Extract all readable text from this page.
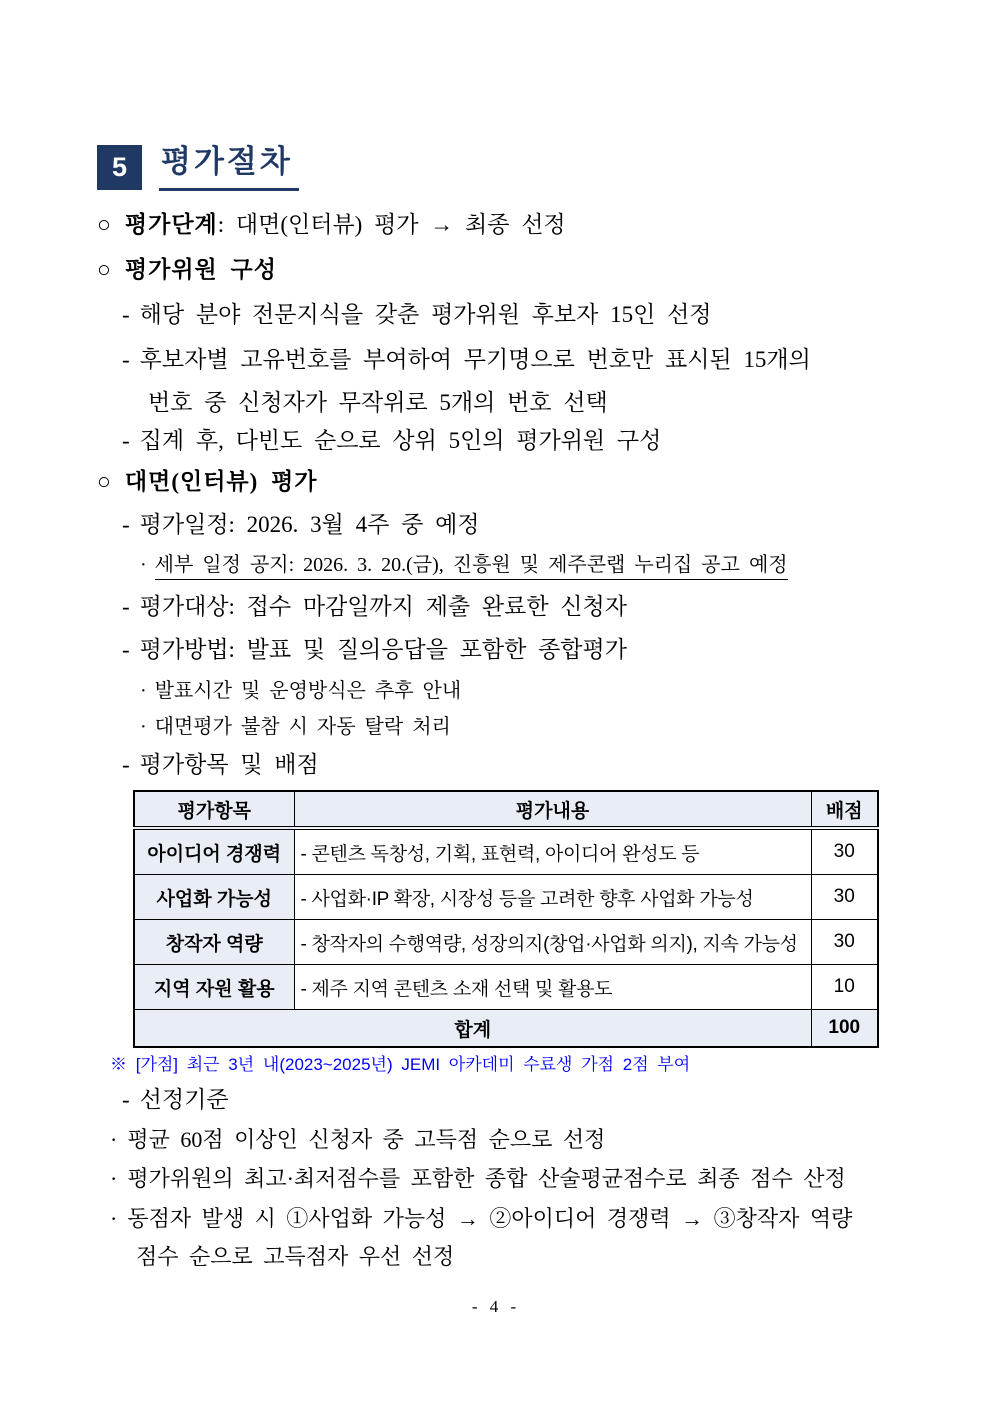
5 평가절차
○ 평가단계: 대면(인터뷰) 평가 → 최종 선정
○ 평가위원 구성
- 해당 분야 전문지식을 갖춘 평가위원 후보자 15인 선정
- 후보자별 고유번호를 부여하여 무기명으로 번호만 표시된 15개의
번호 중 신청자가 무작위로 5개의 번호 선택
- 집계 후, 다빈도 순으로 상위 5인의 평가위원 구성
○ 대면(인터뷰) 평가
- 평가일정: 2026. 3월 4주 중 예정
· 세부 일정 공지: 2026. 3. 20.(금), 진흥원 및 제주콘랩 누리집 공고 예정
- 평가대상: 접수 마감일까지 제출 완료한 신청자
- 평가방법: 발표 및 질의응답을 포함한 종합평가
· 발표시간 및 운영방식은 추후 안내
· 대면평가 불참 시 자동 탈락 처리
- 평가항목 및 배점
평가항목	평가내용	배점
아이디어 경쟁력	- 콘텐츠 독창성, 기획, 표현력, 아이디어 완성도 등	30
사업화 가능성	- 사업화·IP 확장, 시장성 등을 고려한 향후 사업화 가능성	30
창작자 역량	- 창작자의 수행역량, 성장의지(창업·사업화 의지), 지속 가능성	30
지역 자원 활용	- 제주 지역 콘텐츠 소재 선택 및 활용도	10
합계		100
※ [가점] 최근 3년 내(2023~2025년) JEMI 아카데미 수료생 가점 2점 부여
- 선정기준
· 평균 60점 이상인 신청자 중 고득점 순으로 선정
· 평가위원의 최고·최저점수를 포함한 종합 산술평균점수로 최종 점수 산정
· 동점자 발생 시 ①사업화 가능성 → ②아이디어 경쟁력 → ③창작자 역량
점수 순으로 고득점자 우선 선정
- 4 -
